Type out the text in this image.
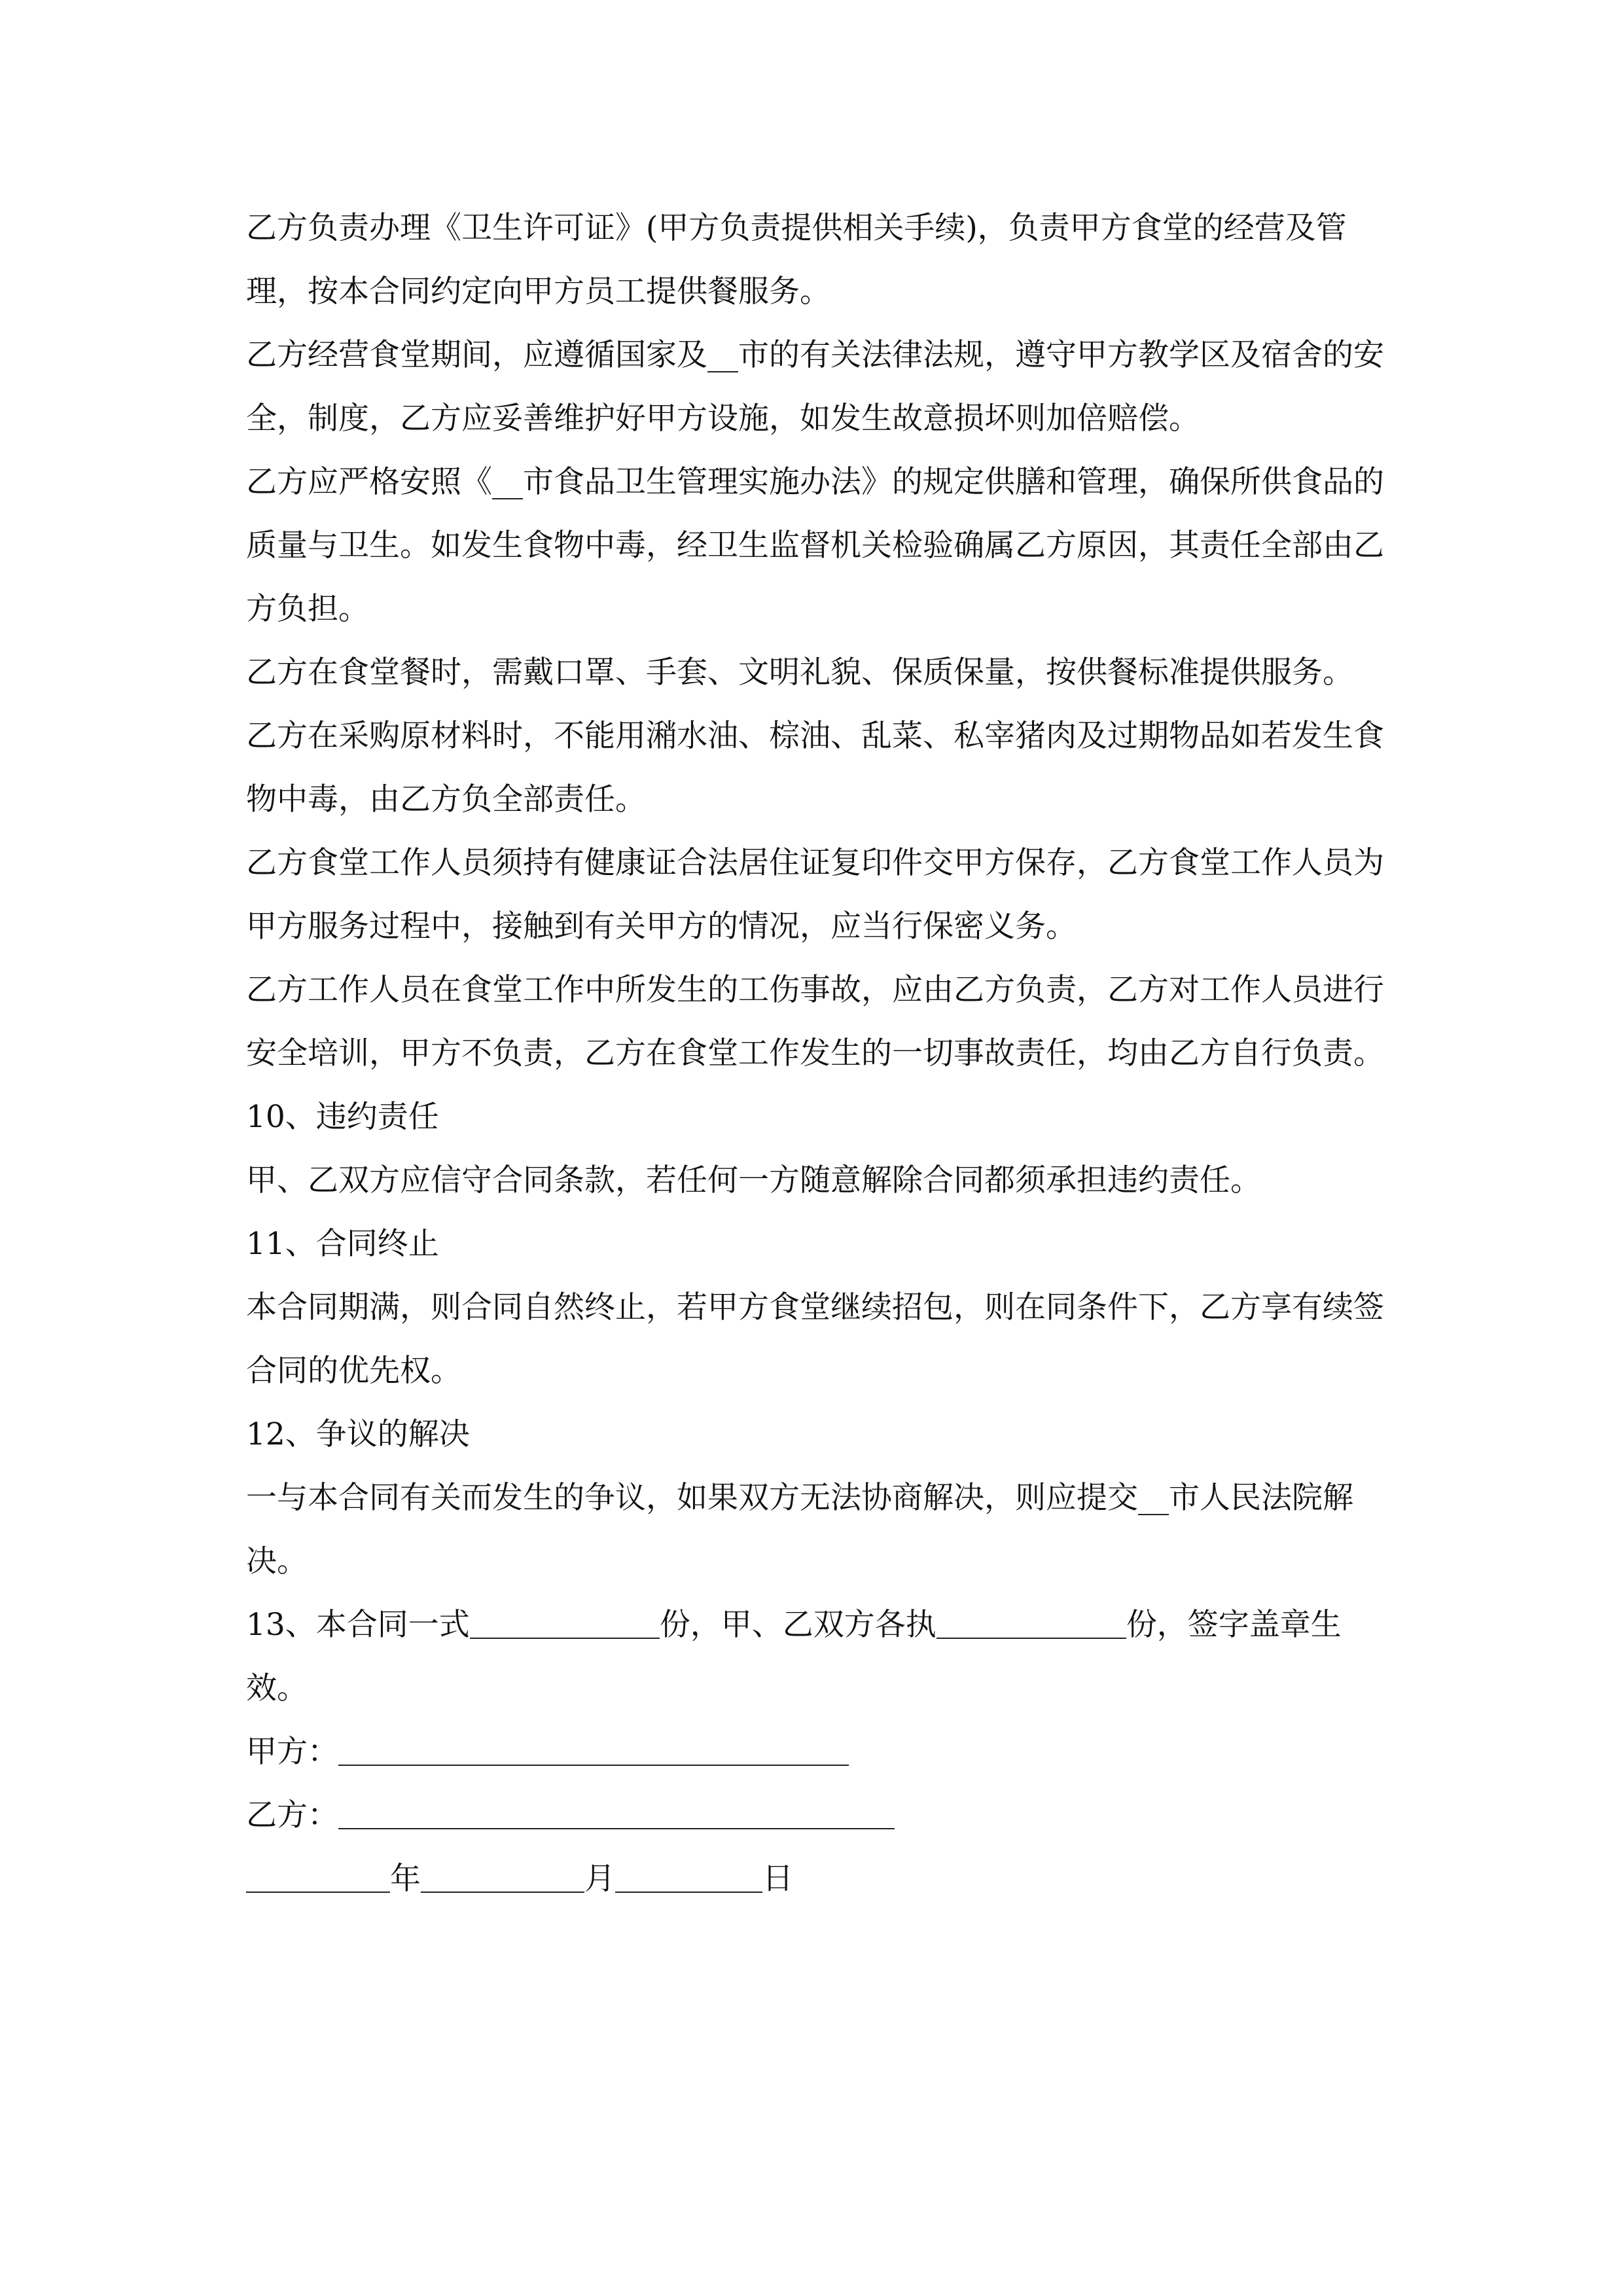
乙方负责办理《卫生许可证》(甲方负责提供相关手续)，负责甲方食堂的经营及管理，按本合同约定向甲方员工提供餐服务。

乙方经营食堂期间，应遵循国家及__市的有关法律法规，遵守甲方教学区及宿舍的安全，制度，乙方应妥善维护好甲方设施，如发生故意损坏则加倍赔偿。

乙方应严格安照《__市食品卫生管理实施办法》的规定供膳和管理，确保所供食品的质量与卫生。如发生食物中毒，经卫生监督机关检验确属乙方原因，其责任全部由乙方负担。

乙方在食堂餐时，需戴口罩、手套、文明礼貌、保质保量，按供餐标准提供服务。

乙方在采购原材料时，不能用潲水油、棕油、乱菜、私宰猪肉及过期物品如若发生食物中毒，由乙方负全部责任。

乙方食堂工作人员须持有健康证合法居住证复印件交甲方保存，乙方食堂工作人员为甲方服务过程中，接触到有关甲方的情况，应当行保密义务。

乙方工作人员在食堂工作中所发生的工伤事故，应由乙方负责，乙方对工作人员进行安全培训，甲方不负责，乙方在食堂工作发生的一切事故责任，均由乙方自行负责。

10、违约责任

甲、乙双方应信守合同条款，若任何一方随意解除合同都须承担违约责任。

11、合同终止

本合同期满，则合同自然终止，若甲方食堂继续招包，则在同条件下，乙方享有续签合同的优先权。

12、争议的解决

一与本合同有关而发生的争议，如果双方无法协商解决，则应提交__市人民法院解决。

13、本合同一式	份，甲、乙双方各执	份，签字盖章生效。

甲方：

乙方：

年	月	日
